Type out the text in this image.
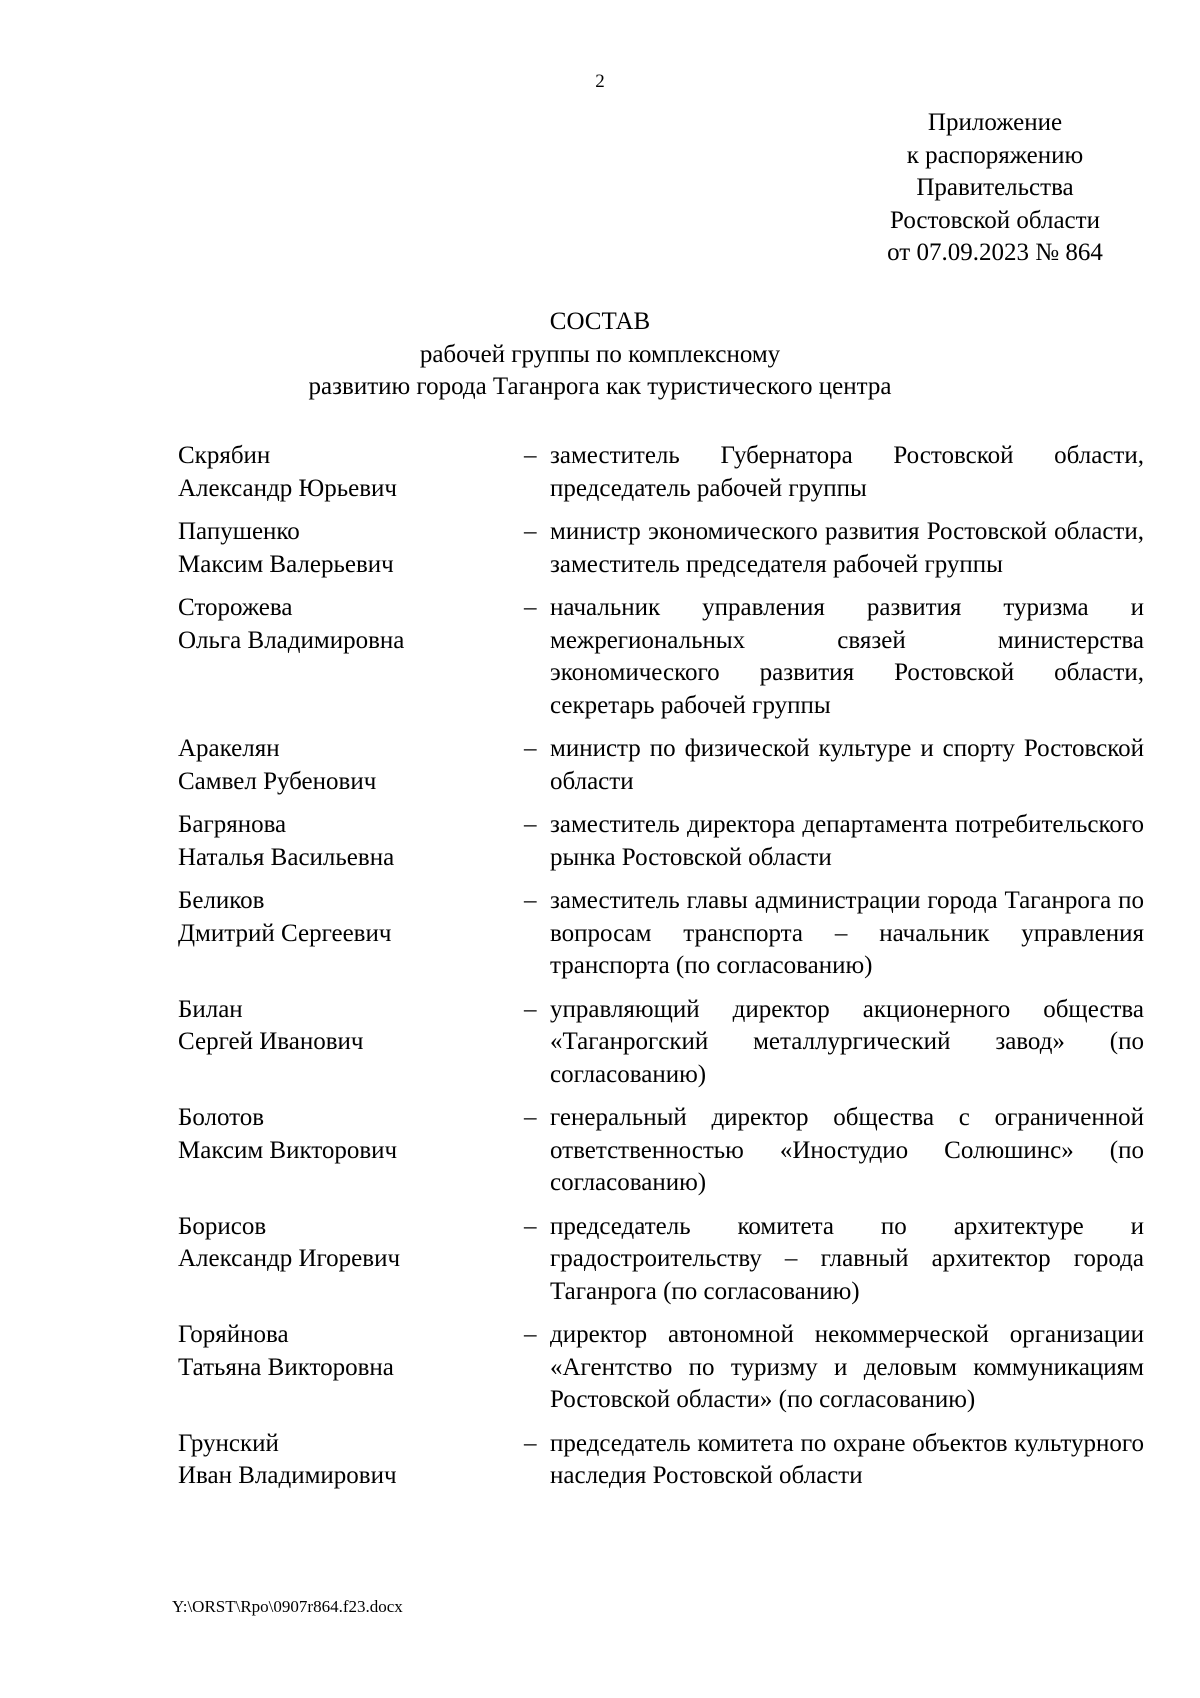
2
Приложение
к распоряжению
Правительства
Ростовской области
от 07.09.2023 № 864
СОСТАВ
рабочей группы по комплексному
развитию города Таганрога как туристического центра
Скрябин
Александр Юрьевич
– заместитель Губернатора Ростовской области, председатель рабочей группы
Папушенко
Максим Валерьевич
– министр экономического развития Ростовской области, заместитель председателя рабочей группы
Сторожева
Ольга Владимировна
– начальник управления развития туризма и межрегиональных связей министерства экономического развития Ростовской области, секретарь рабочей группы
Аракелян
Самвел Рубенович
– министр по физической культуре и спорту Ростовской области
Багрянова
Наталья Васильевна
– заместитель директора департамента потребительского рынка Ростовской области
Беликов
Дмитрий Сергеевич
– заместитель главы администрации города Таганрога по вопросам транспорта – начальник управления транспорта (по согласованию)
Билан
Сергей Иванович
– управляющий директор акционерного общества «Таганрогский металлургический завод» (по согласованию)
Болотов
Максим Викторович
– генеральный директор общества с ограниченной ответственностью «Иностудио Солюшинс» (по согласованию)
Борисов
Александр Игоревич
– председатель комитета по архитектуре и градостроительству – главный архитектор города Таганрога (по согласованию)
Горяйнова
Татьяна Викторовна
– директор автономной некоммерческой организации «Агентство по туризму и деловым коммуникациям Ростовской области» (по согласованию)
Грунский
Иван Владимирович
– председатель комитета по охране объектов культурного наследия Ростовской области
Y:\ORST\Rpo\0907r864.f23.docx
